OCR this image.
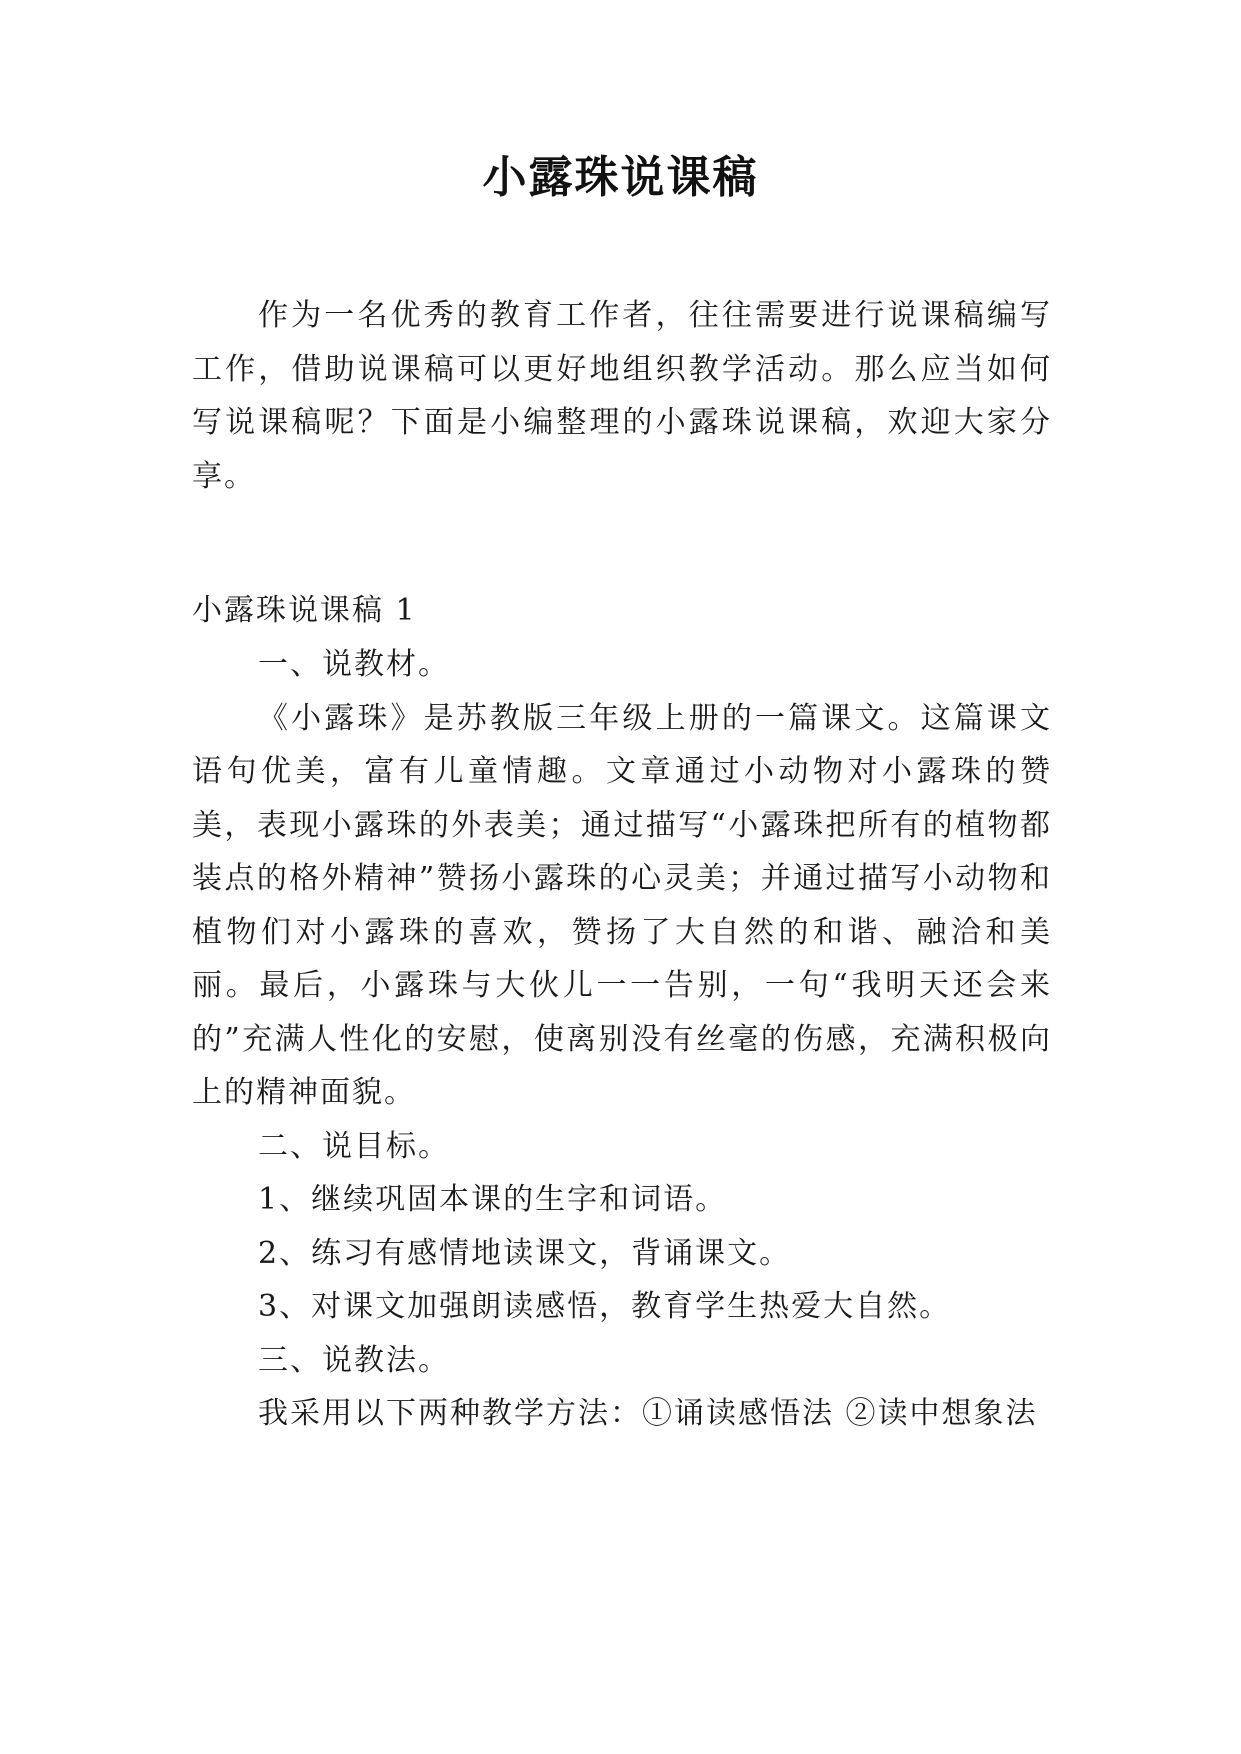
小露珠说课稿

作为一名优秀的教育工作者，往往需要进行说课稿编写工作，借助说课稿可以更好地组织教学活动。那么应当如何写说课稿呢？下面是小编整理的小露珠说课稿，欢迎大家分享。

小露珠说课稿 1

一、说教材。

《小露珠》是苏教版三年级上册的一篇课文。这篇课文语句优美，富有儿童情趣。文章通过小动物对小露珠的赞美，表现小露珠的外表美；通过描写“小露珠把所有的植物都装点的格外精神”赞扬小露珠的心灵美；并通过描写小动物和植物们对小露珠的喜欢，赞扬了大自然的和谐、融洽和美丽。最后，小露珠与大伙儿一一告别，一句“我明天还会来的”充满人性化的安慰，使离别没有丝毫的伤感，充满积极向上的精神面貌。

二、说目标。

1、继续巩固本课的生字和词语。

2、练习有感情地读课文，背诵课文。

3、对课文加强朗读感悟，教育学生热爱大自然。

三、说教法。

我采用以下两种教学方法：①诵读感悟法 ②读中想象法
